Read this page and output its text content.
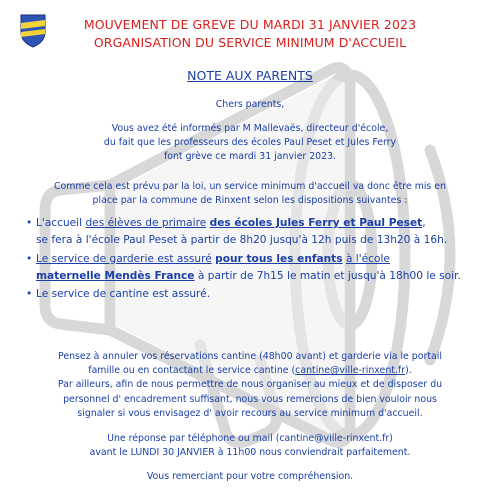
MOUVEMENT DE GREVE DU MARDI 31 JANVIER 2023
ORGANISATION DU SERVICE MINIMUM D'ACCUEIL
NOTE AUX PARENTS
Chers parents,
Vous avez été informés par M Mallevaës, directeur d'école,
du fait que les professeurs des écoles Paul Peset et Jules Ferry
font grève ce mardi 31 janvier 2023.
Comme cela est prévu par la loi, un service minimum d'accueil va donc être mis en
place par la commune de Rinxent selon les dispositions suivantes :
• L'accueil des élèves de primaire des écoles Jules Ferry et Paul Peset,
se fera à l'école Paul Peset à partir de 8h20 jusqu'à 12h puis de 13h20 à 16h.
• Le service de garderie est assuré pour tous les enfants à l'école
maternelle Mendès France à partir de 7h15 le matin et jusqu'à 18h00 le soir.
• Le service de cantine est assuré.
Pensez à annuler vos réservations cantine (48h00 avant) et garderie via le portail
famille ou en contactant le service cantine (cantine@ville-rinxent.fr).
Par ailleurs, afin de nous permettre de nous organiser au mieux et de disposer du
personnel d' encadrement suffisant, nous vous remercions de bien vouloir nous
signaler si vous envisagez d' avoir recours au service minimum d'accueil.
Une réponse par téléphone ou mail (cantine@ville-rinxent.fr)
avant le LUNDI 30 JANVIER à 11h00 nous conviendrait parfaitement.
Vous remerciant pour votre compréhension.
